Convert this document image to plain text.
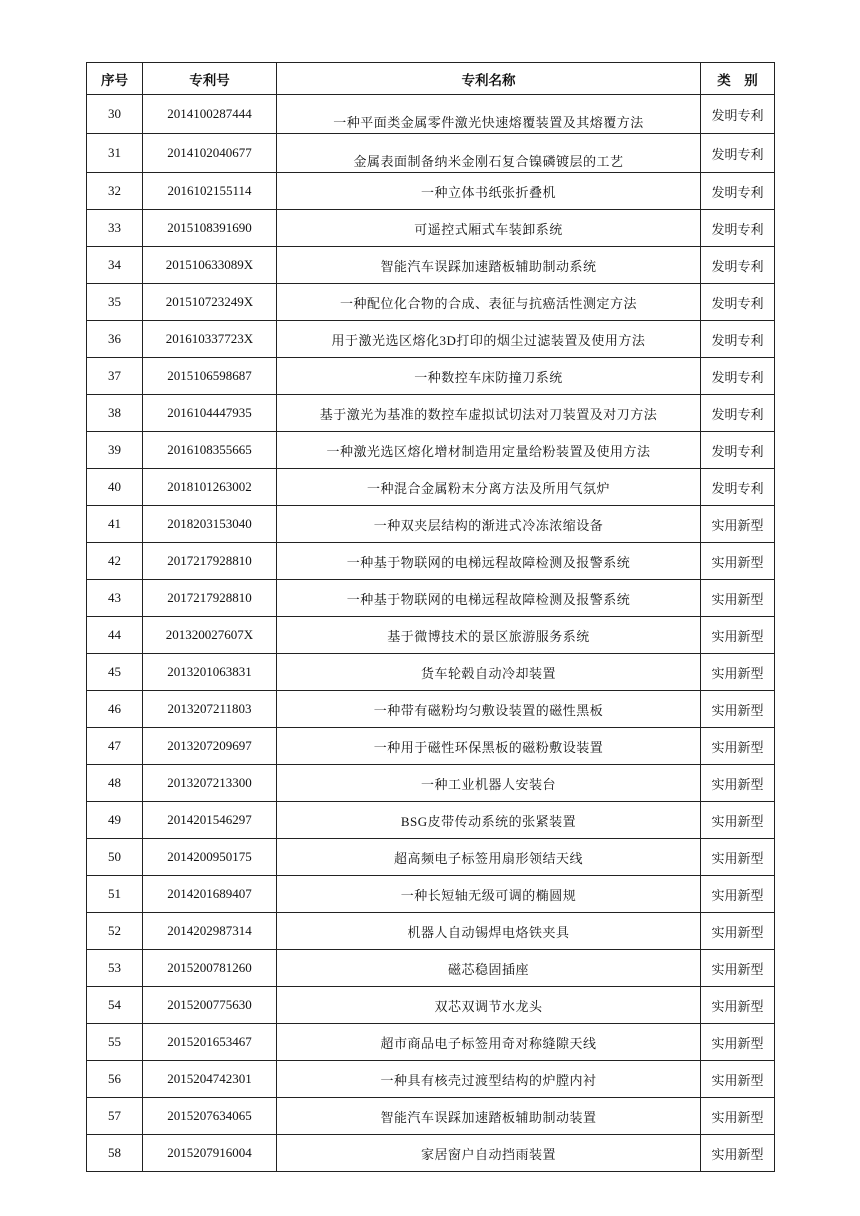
序号	专利号	专利名称	类　别
30	2014100287444	一种平面类金属零件激光快速熔覆装置及其熔覆方法	发明专利
31	2014102040677	金属表面制备纳米金刚石复合镍磷镀层的工艺	发明专利
32	2016102155114	一种立体书纸张折叠机	发明专利
33	2015108391690	可遥控式厢式车装卸系统	发明专利
34	201510633089X	智能汽车误踩加速踏板辅助制动系统	发明专利
35	201510723249X	一种配位化合物的合成、表征与抗癌活性测定方法	发明专利
36	201610337723X	用于激光选区熔化3D打印的烟尘过滤装置及使用方法	发明专利
37	2015106598687	一种数控车床防撞刀系统	发明专利
38	2016104447935	基于激光为基准的数控车虚拟试切法对刀装置及对刀方法	发明专利
39	2016108355665	一种激光选区熔化增材制造用定量给粉装置及使用方法	发明专利
40	2018101263002	一种混合金属粉末分离方法及所用气氛炉	发明专利
41	2018203153040	一种双夹层结构的渐进式冷冻浓缩设备	实用新型
42	2017217928810	一种基于物联网的电梯远程故障检测及报警系统	实用新型
43	2017217928810	一种基于物联网的电梯远程故障检测及报警系统	实用新型
44	201320027607X	基于微博技术的景区旅游服务系统	实用新型
45	2013201063831	货车轮毂自动冷却装置	实用新型
46	2013207211803	一种带有磁粉均匀敷设装置的磁性黑板	实用新型
47	2013207209697	一种用于磁性环保黑板的磁粉敷设装置	实用新型
48	2013207213300	一种工业机器人安装台	实用新型
49	2014201546297	BSG皮带传动系统的张紧装置	实用新型
50	2014200950175	超高频电子标签用扇形领结天线	实用新型
51	2014201689407	一种长短轴无级可调的椭圆规	实用新型
52	2014202987314	机器人自动锡焊电烙铁夹具	实用新型
53	2015200781260	磁芯稳固插座	实用新型
54	2015200775630	双芯双调节水龙头	实用新型
55	2015201653467	超市商品电子标签用奇对称缝隙天线	实用新型
56	2015204742301	一种具有核壳过渡型结构的炉膛内衬	实用新型
57	2015207634065	智能汽车误踩加速踏板辅助制动装置	实用新型
58	2015207916004	家居窗户自动挡雨装置	实用新型
